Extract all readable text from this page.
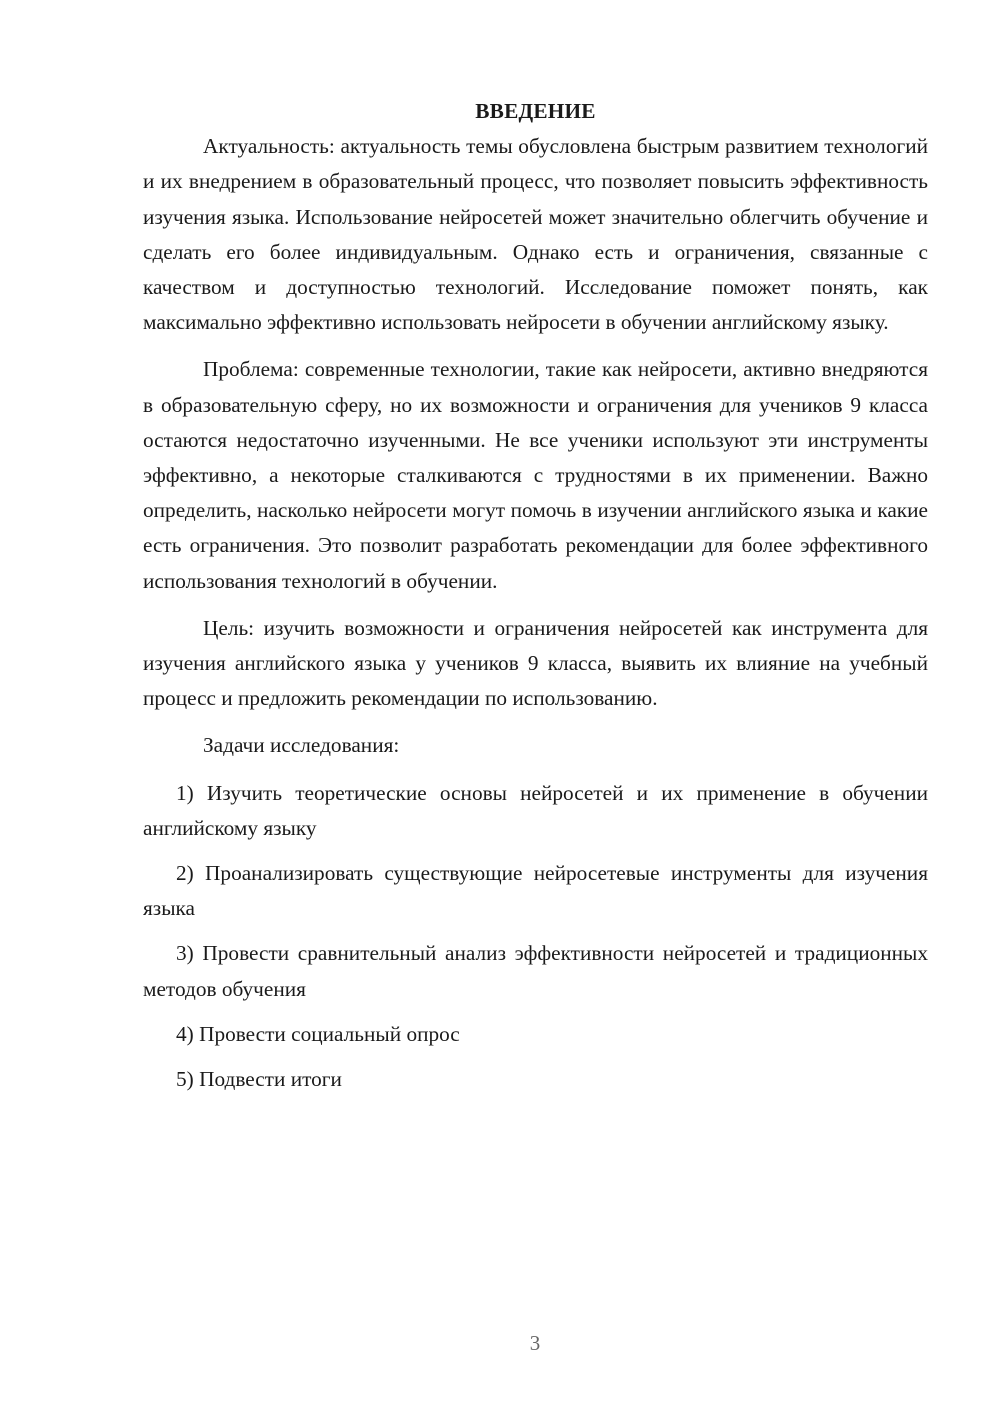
ВВЕДЕНИЕ

Актуальность: актуальность темы обусловлена быстрым развитием технологий и их внедрением в образовательный процесс, что позволяет повысить эффективность изучения языка. Использование нейросетей может значительно облегчить обучение и сделать его более индивидуальным. Однако есть и ограничения, связанные с качеством и доступностью технологий. Исследование поможет понять, как максимально эффективно использовать нейросети в обучении английскому языку.

Проблема: современные технологии, такие как нейросети, активно внедряются в образовательную сферу, но их возможности и ограничения для учеников 9 класса остаются недостаточно изученными. Не все ученики используют эти инструменты эффективно, а некоторые сталкиваются с трудностями в их применении. Важно определить, насколько нейросети могут помочь в изучении английского языка и какие есть ограничения. Это позволит разработать рекомендации для более эффективного использования технологий в обучении.

Цель: изучить возможности и ограничения нейросетей как инструмента для изучения английского языка у учеников 9 класса, выявить их влияние на учебный процесс и предложить рекомендации по использованию.

Задачи исследования:

1) Изучить теоретические основы нейросетей и их применение в обучении английскому языку

2) Проанализировать существующие нейросетевые инструменты для изучения языка

3) Провести сравнительный анализ эффективности нейросетей и традиционных методов обучения

4) Провести социальный опрос

5) Подвести итоги

3
